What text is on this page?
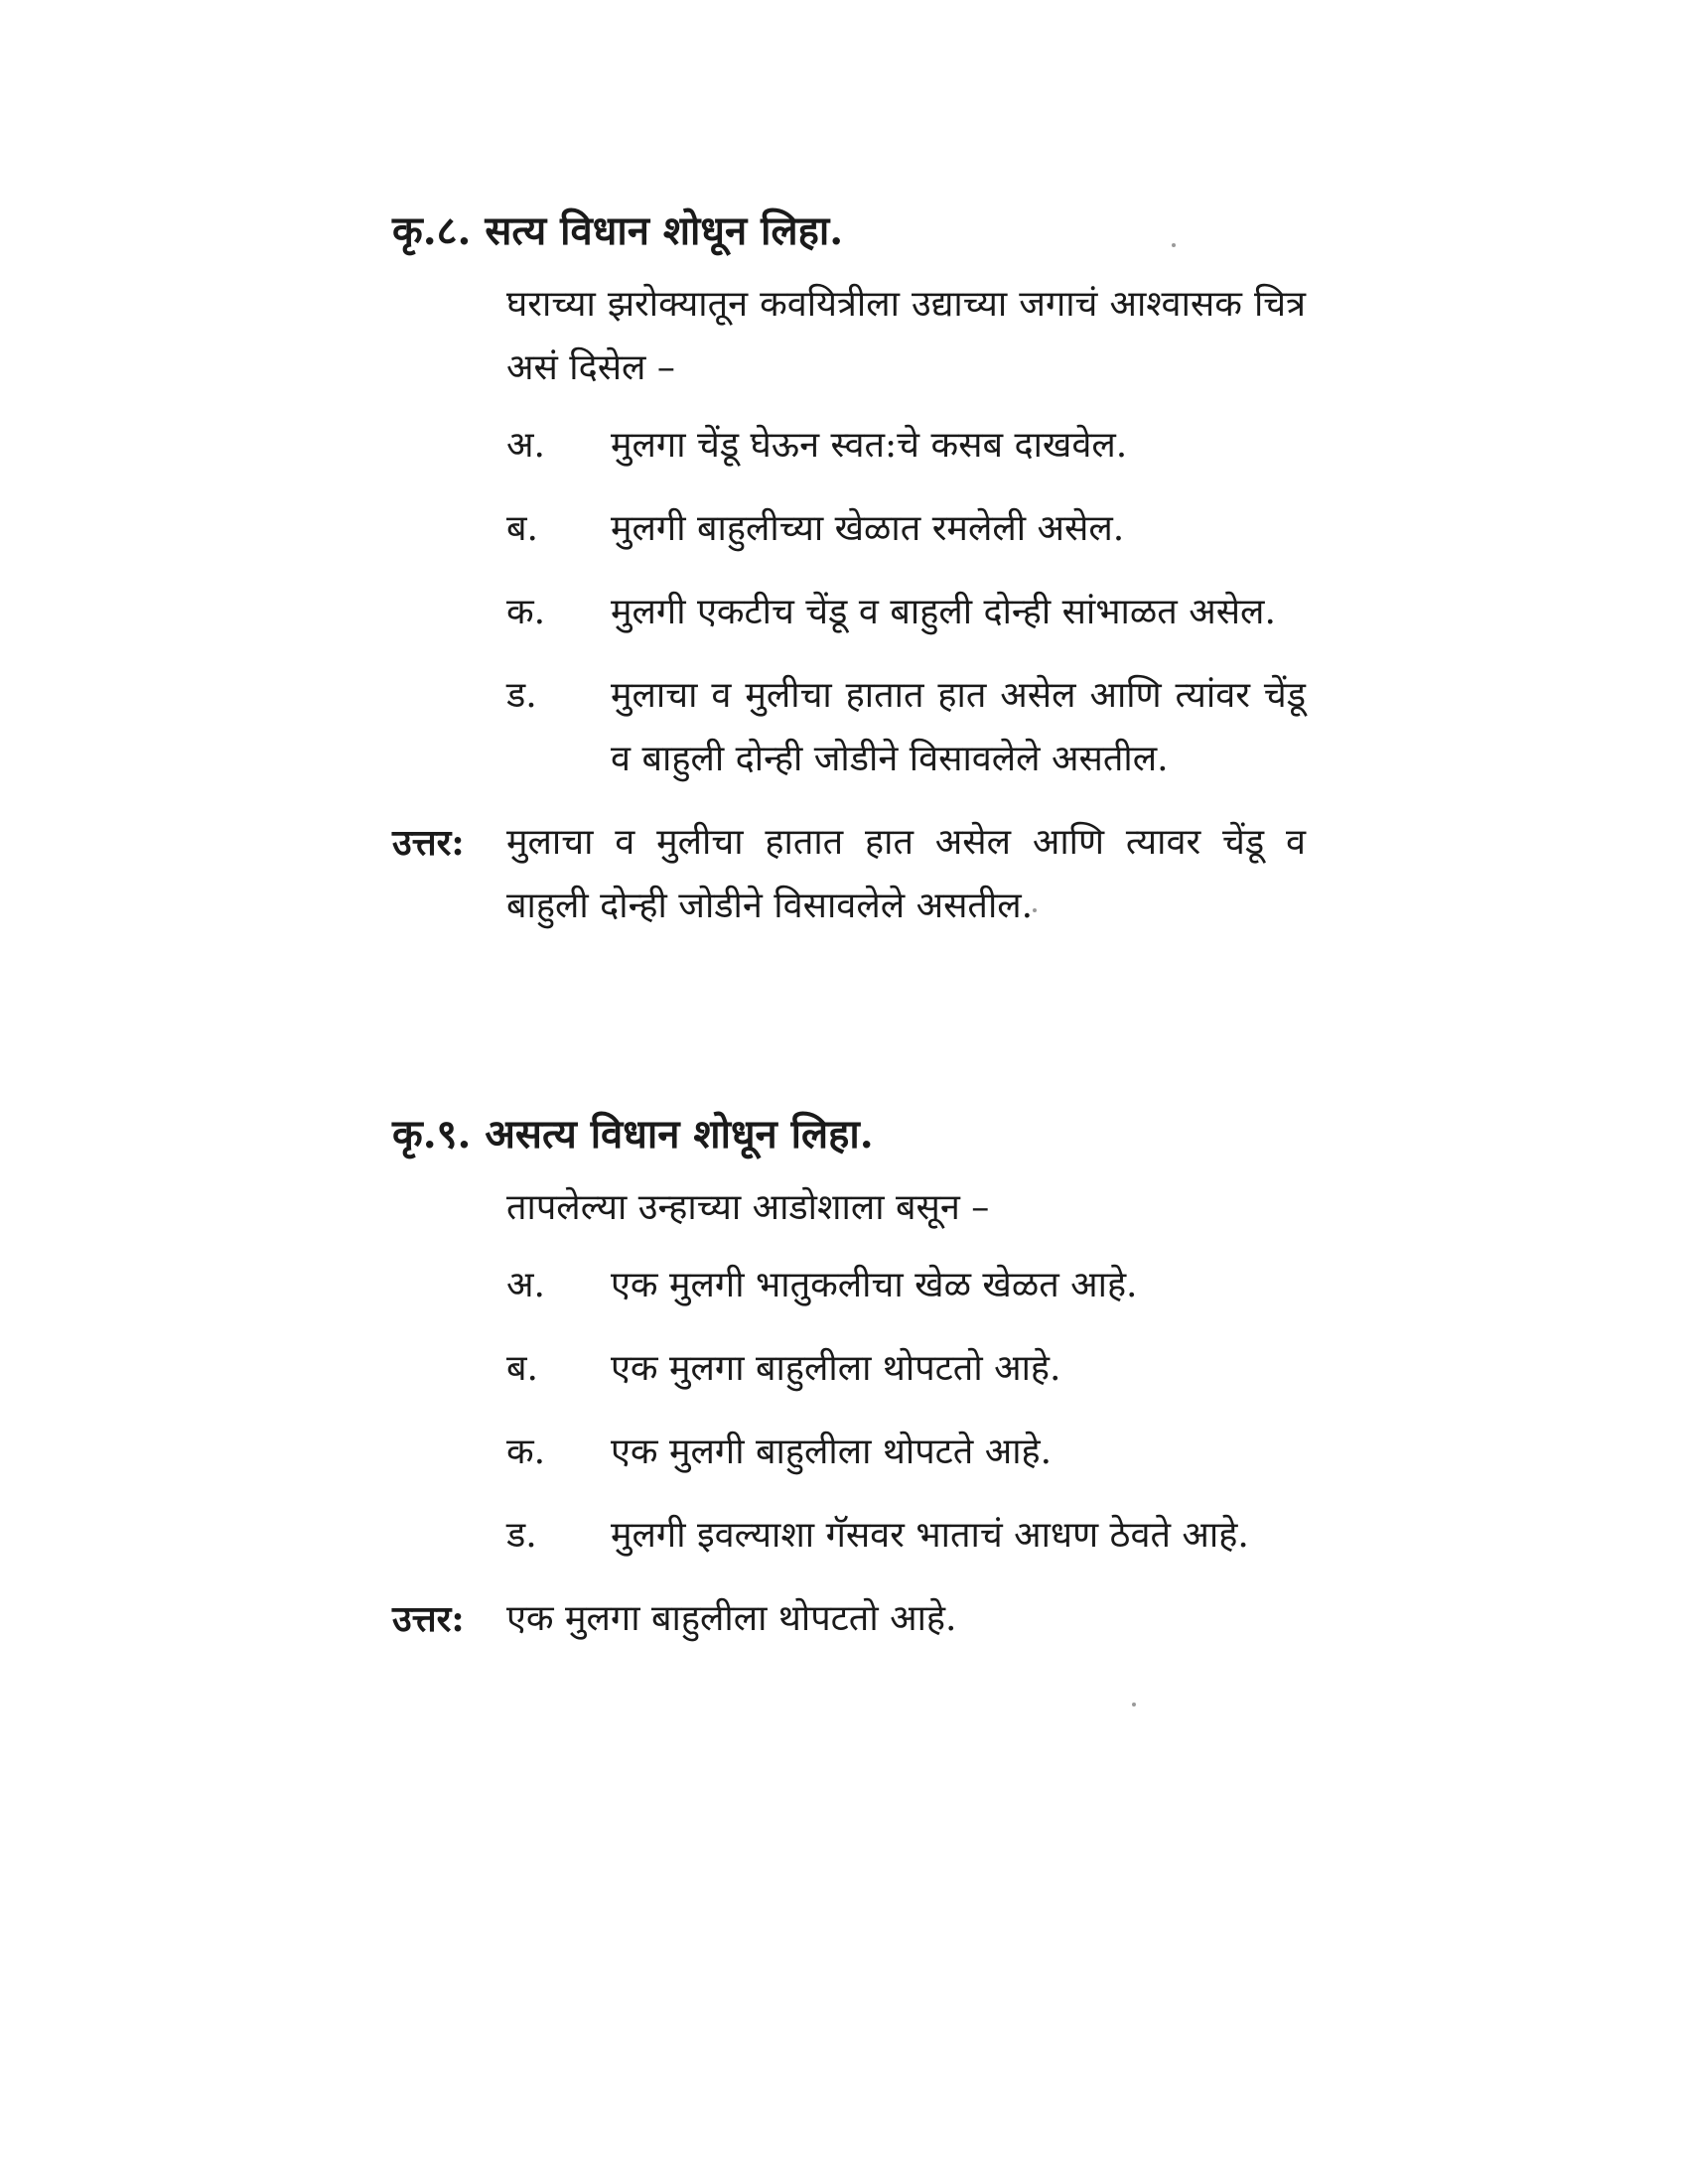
कृ.८. सत्य विधान शोधून लिहा.
घराच्या झरोक्यातून कवयित्रीला उद्याच्या जगाचं आश्वासक चित्र असं दिसेल –
अ.	मुलगा चेंडू घेऊन स्वत:चे कसब दाखवेल.
ब.	मुलगी बाहुलीच्या खेळात रमलेली असेल.
क.	मुलगी एकटीच चेंडू व बाहुली दोन्ही सांभाळत असेल.
ड.	मुलाचा व मुलीचा हातात हात असेल आणि त्यांवर चेंडू व बाहुली दोन्ही जोडीने विसावलेले असतील.
उत्तर:	मुलाचा व मुलीचा हातात हात असेल आणि त्यावर चेंडू व बाहुली दोन्ही जोडीने विसावलेले असतील.
कृ.९. असत्य विधान शोधून लिहा.
तापलेल्या उन्हाच्या आडोशाला बसून –
अ.	एक मुलगी भातुकलीचा खेळ खेळत आहे.
ब.	एक मुलगा बाहुलीला थोपटतो आहे.
क.	एक मुलगी बाहुलीला थोपटते आहे.
ड.	मुलगी इवल्याशा गॅसवर भाताचं आधण ठेवते आहे.
उत्तर:	एक मुलगा बाहुलीला थोपटतो आहे.
